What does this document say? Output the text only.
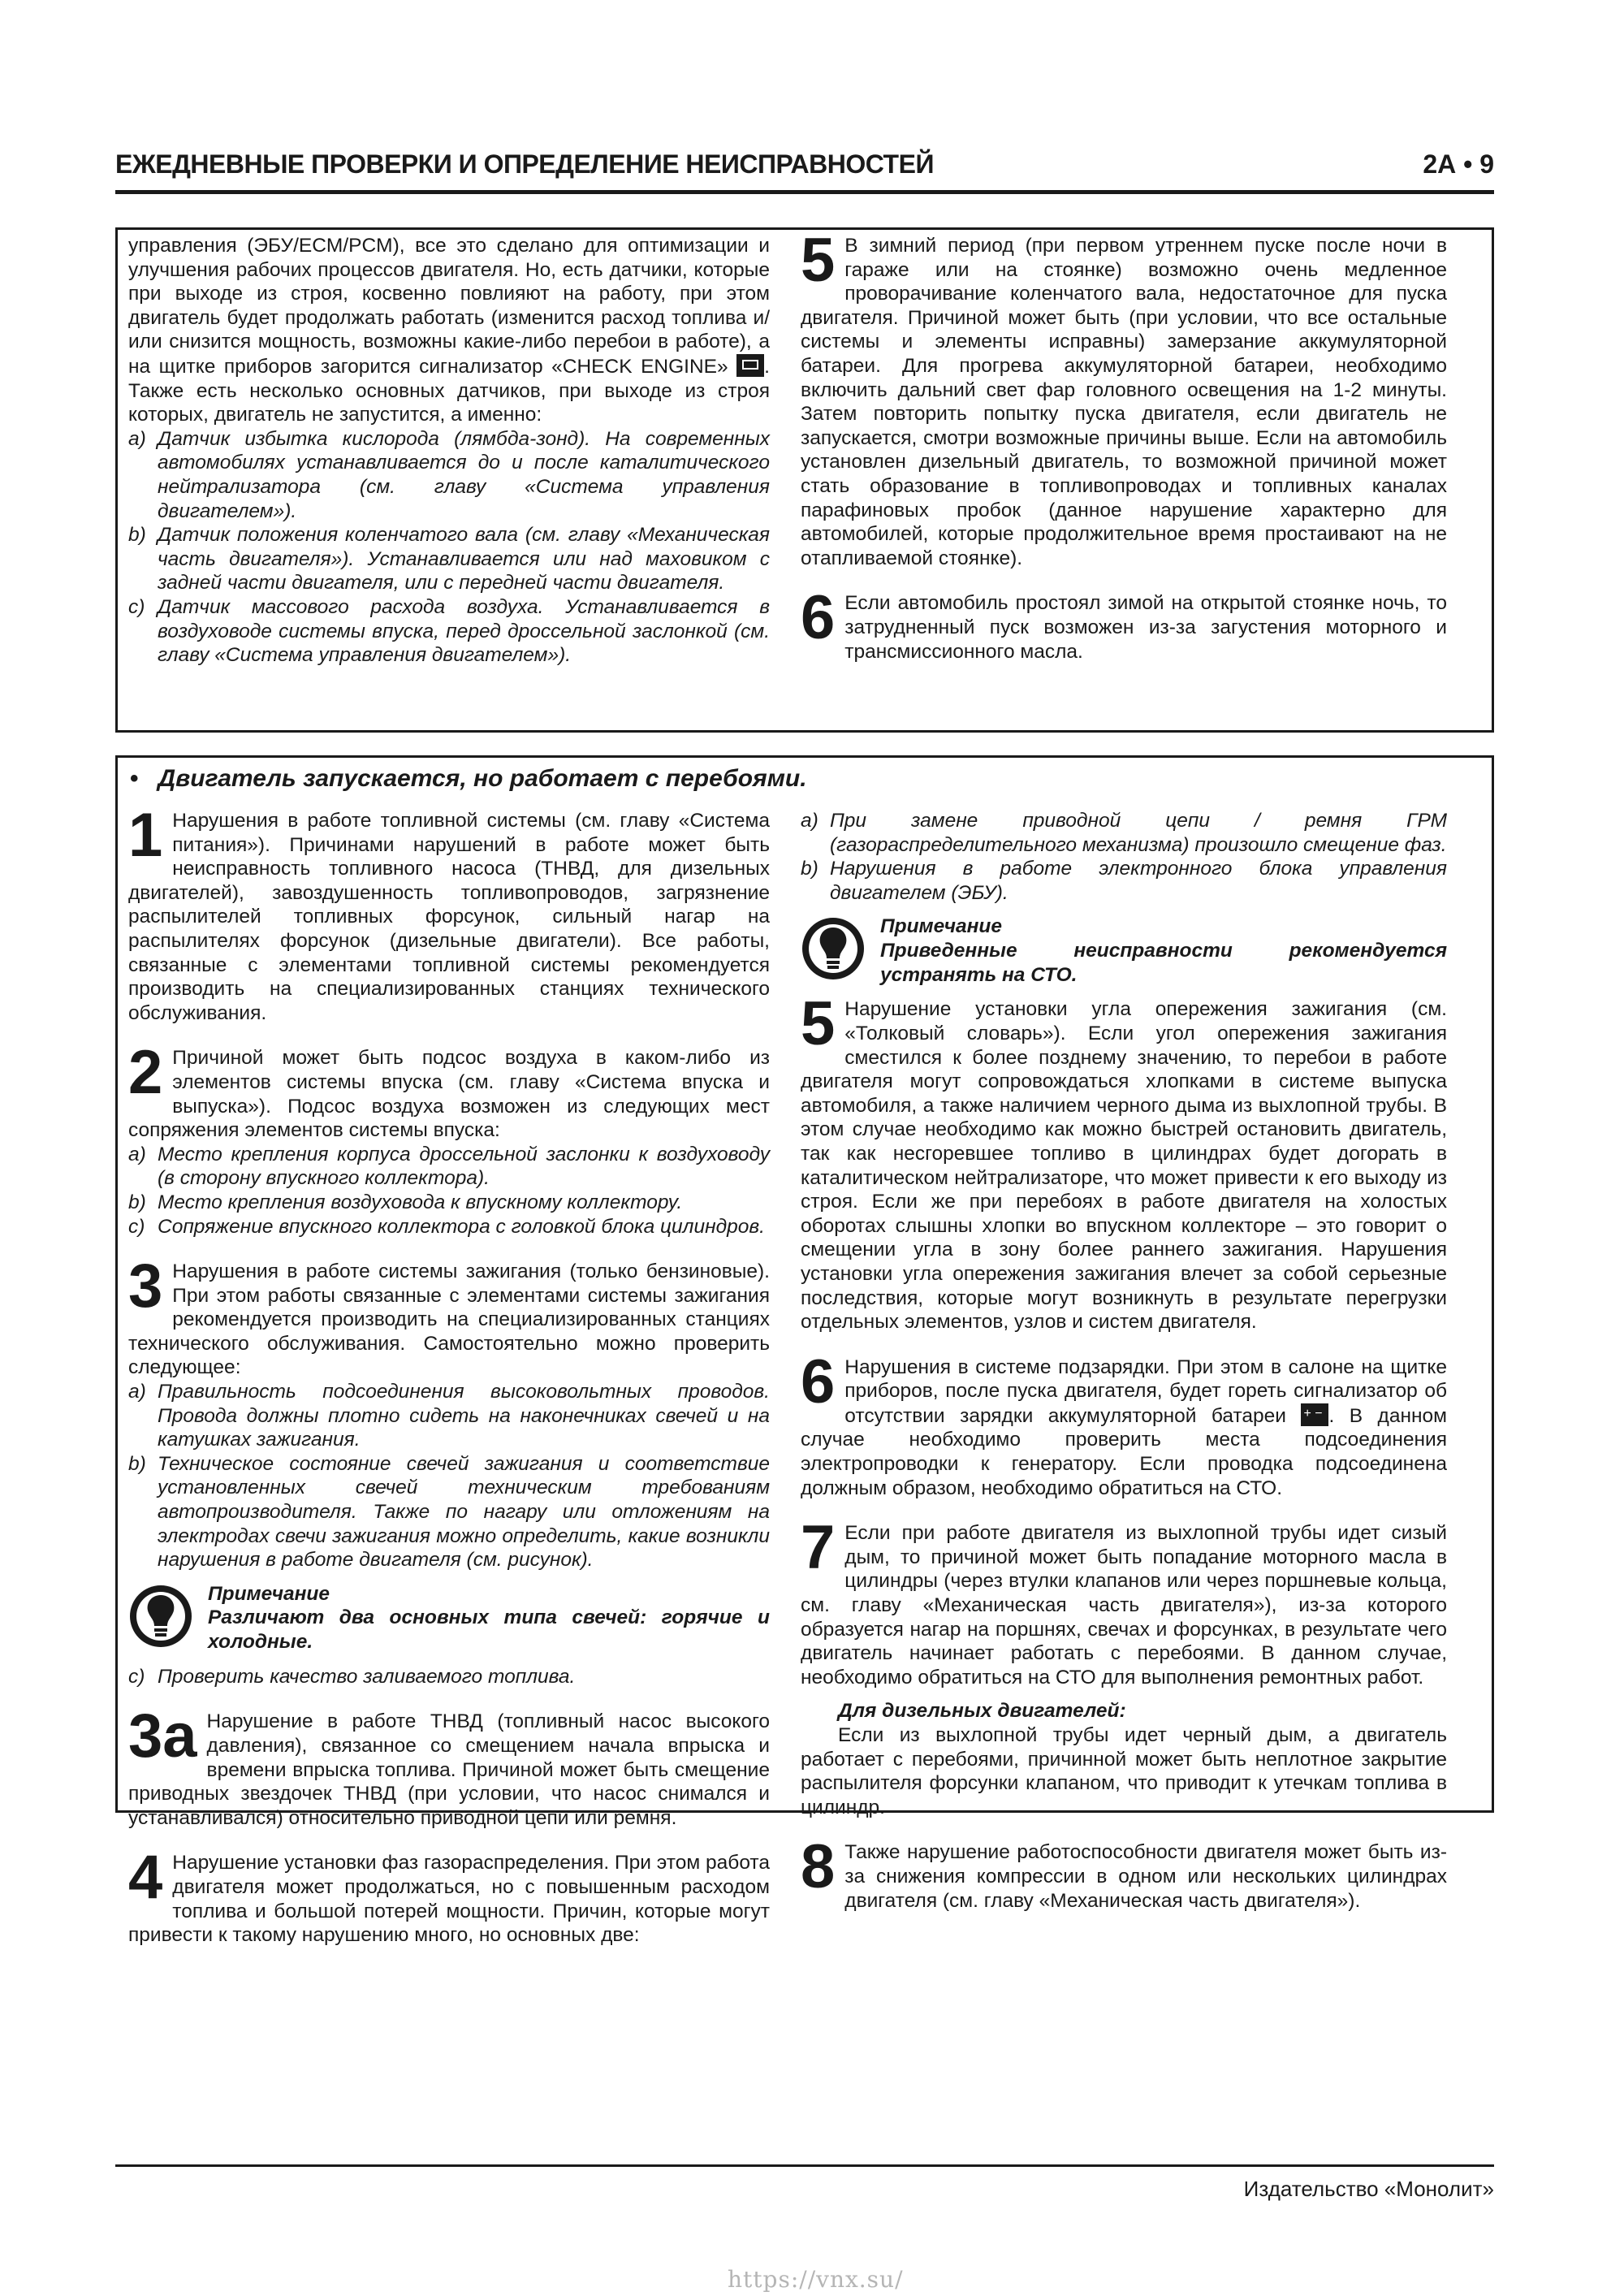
ЕЖЕДНЕВНЫЕ ПРОВЕРКИ И ОПРЕДЕЛЕНИЕ НЕИСПРАВНОСТЕЙ	2А • 9

управления (ЭБУ/ECM/PCM), все это сделано для оптимизации и улучшения рабочих процессов двигателя. Но, есть датчики, которые при выходе из строя, косвенно повлияют на работу, при этом двигатель будет продолжать работать (изменится расход топлива и/или снизится мощность, возможны какие-либо перебои в работе), а на щитке приборов загорится сигнализатор «CHECK ENGINE» . Также есть несколько основных датчиков, при выходе из строя которых, двигатель не запустится, а именно:

a) Датчик избытка кислорода (лямбда-зонд). На современных автомобилях устанавливается до и после каталитического нейтрализатора (см. главу «Система управления двигателем»).

b) Датчик положения коленчатого вала (см. главу «Механическая часть двигателя»). Устанавливается или над маховиком с задней части двигателя, или с передней части двигателя.

c) Датчик массового расхода воздуха. Устанавливается в воздуховоде системы впуска, перед дроссельной заслонкой (см. главу «Система управления двигателем»).

5 В зимний период (при первом утреннем пуске после ночи в гараже или на стоянке) возможно очень медленное проворачивание коленчатого вала, недостаточное для пуска двигателя. Причиной может быть (при условии, что все остальные системы и элементы исправны) замерзание аккумуляторной батареи. Для прогрева аккумуляторной батареи, необходимо включить дальний свет фар головного освещения на 1-2 минуты. Затем повторить попытку пуска двигателя, если двигатель не запускается, смотри возможные причины выше. Если на автомобиль установлен дизельный двигатель, то возможной причиной может стать образование в топливопроводах и топливных каналах парафиновых пробок (данное нарушение характерно для автомобилей, которые продолжительное время простаивают на не отапливаемой стоянке).

6 Если автомобиль простоял зимой на открытой стоянке ночь, то затрудненный пуск возможен из-за загустения моторного и трансмиссионного масла.

• Двигатель запускается, но работает с перебоями.

1 Нарушения в работе топливной системы (см. главу «Система питания»). Причинами нарушений в работе может быть неисправность топливного насоса (ТНВД, для дизельных двигателей), завоздушенность топливопроводов, загрязнение распылителей топливных форсунок, сильный нагар на распылителях форсунок (дизельные двигатели). Все работы, связанные с элементами топливной системы рекомендуется производить на специализированных станциях технического обслуживания.

2 Причиной может быть подсос воздуха в каком-либо из элементов системы впуска (см. главу «Система впуска и выпуска»). Подсос воздуха возможен из следующих мест сопряжения элементов системы впуска:

a) Место крепления корпуса дроссельной заслонки к воздуховоду (в сторону впускного коллектора).

b) Место крепления воздуховода к впускному коллектору.

c) Сопряжение впускного коллектора с головкой блока цилиндров.

3 Нарушения в работе системы зажигания (только бензиновые). При этом работы связанные с элементами системы зажигания рекомендуется производить на специализированных станциях технического обслуживания. Самостоятельно можно проверить следующее:

a) Правильность подсоединения высоковольтных проводов. Провода должны плотно сидеть на наконечниках свечей и на катушках зажигания.

b) Техническое состояние свечей зажигания и соответствие установленных свечей техническим требованиям автопроизводителя. Также по нагару или отложениям на электродах свечи зажигания можно определить, какие возникли нарушения в работе двигателя (см. рисунок).

Примечание
Различают два основных типа свечей: горячие и холодные.

c) Проверить качество заливаемого топлива.

3а Нарушение в работе ТНВД (топливный насос высокого давления), связанное со смещением начала впрыска и времени впрыска топлива. Причиной может быть смещение приводных звездочек ТНВД (при условии, что насос снимался и устанавливался) относительно приводной цепи или ремня.

4 Нарушение установки фаз газораспределения. При этом работа двигателя может продолжаться, но с повышенным расходом топлива и большой потерей мощности. Причин, которые могут привести к такому нарушению много, но основных две:

a) При замене приводной цепи / ремня ГРМ (газораспределительного механизма) произошло смещение фаз.

b) Нарушения в работе электронного блока управления двигателем (ЭБУ).

Примечание
Приведенные неисправности рекомендуется устранять на СТО.

5 Нарушение установки угла опережения зажигания (см. «Толковый словарь»). Если угол опережения зажигания сместился к более позднему значению, то перебои в работе двигателя могут сопровождаться хлопками в системе выпуска автомобиля, а также наличием черного дыма из выхлопной трубы. В этом случае необходимо как можно быстрей остановить двигатель, так как несгоревшее топливо в цилиндрах будет догорать в каталитическом нейтрализаторе, что может привести к его выходу из строя. Если же при перебоях в работе двигателя на холостых оборотах слышны хлопки во впускном коллекторе – это говорит о смещении угла в зону более раннего зажигания. Нарушения установки угла опережения зажигания влечет за собой серьезные последствия, которые могут возникнуть в результате перегрузки отдельных элементов, узлов и систем двигателя.

6 Нарушения в системе подзарядки. При этом в салоне на щитке приборов, после пуска двигателя, будет гореть сигнализатор об отсутствии зарядки аккумуляторной батареи + − . В данном случае необходимо проверить места подсоединения электропроводки к генератору. Если проводка подсоединена должным образом, необходимо обратиться на СТО.

7 Если при работе двигателя из выхлопной трубы идет сизый дым, то причиной может быть попадание моторного масла в цилиндры (через втулки клапанов или через поршневые кольца, см. главу «Механическая часть двигателя»), из-за которого образуется нагар на поршнях, свечах и форсунках, в результате чего двигатель начинает работать с перебоями. В данном случае, необходимо обратиться на СТО для выполнения ремонтных работ.

Для дизельных двигателей:

Если из выхлопной трубы идет черный дым, а двигатель работает с перебоями, причинной может быть неплотное закрытие распылителя форсунки клапаном, что приводит к утечкам топлива в цилиндр.

8 Также нарушение работоспособности двигателя может быть из-за снижения компрессии в одном или нескольких цилиндрах двигателя (см. главу «Механическая часть двигателя»).

Издательство «Монолит»
https://vnx.su/
